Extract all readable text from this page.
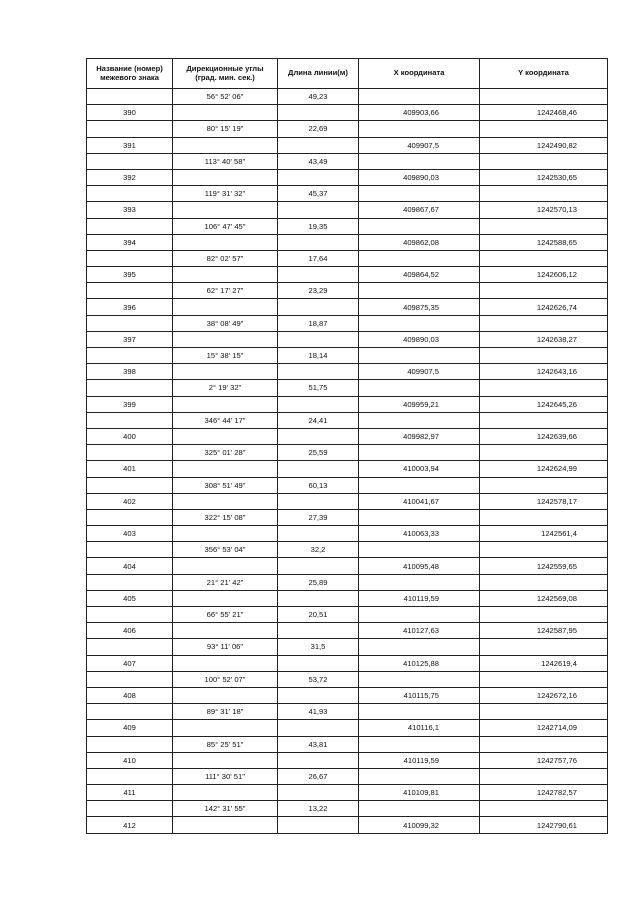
Название (номер) межевого знака	Дирекционные углы (град. мин. сек.)	Длина линии(м)	X координата	Y координата
	56° 52' 06"	49,23		
390			409903,66	1242468,46
	80° 15' 19"	22,69		
391			409907,5	1242490,82
	113° 40' 58"	43,49		
392			409890,03	1242530,65
	119° 31' 32"	45,37		
393			409867,67	1242570,13
	106° 47' 45"	19,35		
394			409862,08	1242588,65
	82° 02' 57"	17,64		
395			409864,52	1242606,12
	62° 17' 27"	23,29		
396			409875,35	1242626,74
	38° 08' 49"	18,87		
397			409890,03	1242638,27
	15° 38' 15"	18,14		
398			409907,5	1242643,16
	2° 19' 32"	51,75		
399			409959,21	1242645,26
	346° 44' 17"	24,41		
400			409982,97	1242639,66
	325° 01' 28"	25,59		
401			410003,94	1242624,99
	308° 51' 49"	60,13		
402			410041,67	1242578,17
	322° 15' 08"	27,39		
403			410063,33	1242561,4
	356° 53' 04"	32,2		
404			410095,48	1242559,65
	21° 21' 42"	25,89		
405			410119,59	1242569,08
	66° 55' 21"	20,51		
406			410127,63	1242587,95
	93° 11' 06"	31,5		
407			410125,88	1242619,4
	100° 52' 07"	53,72		
408			410115,75	1242672,16
	89° 31' 18"	41,93		
409			410116,1	1242714,09
	85° 25' 51"	43,81		
410			410119,59	1242757,76
	111° 30' 51"	26,67		
411			410109,81	1242782,57
	142° 31' 55"	13,22		
412			410099,32	1242790,61
